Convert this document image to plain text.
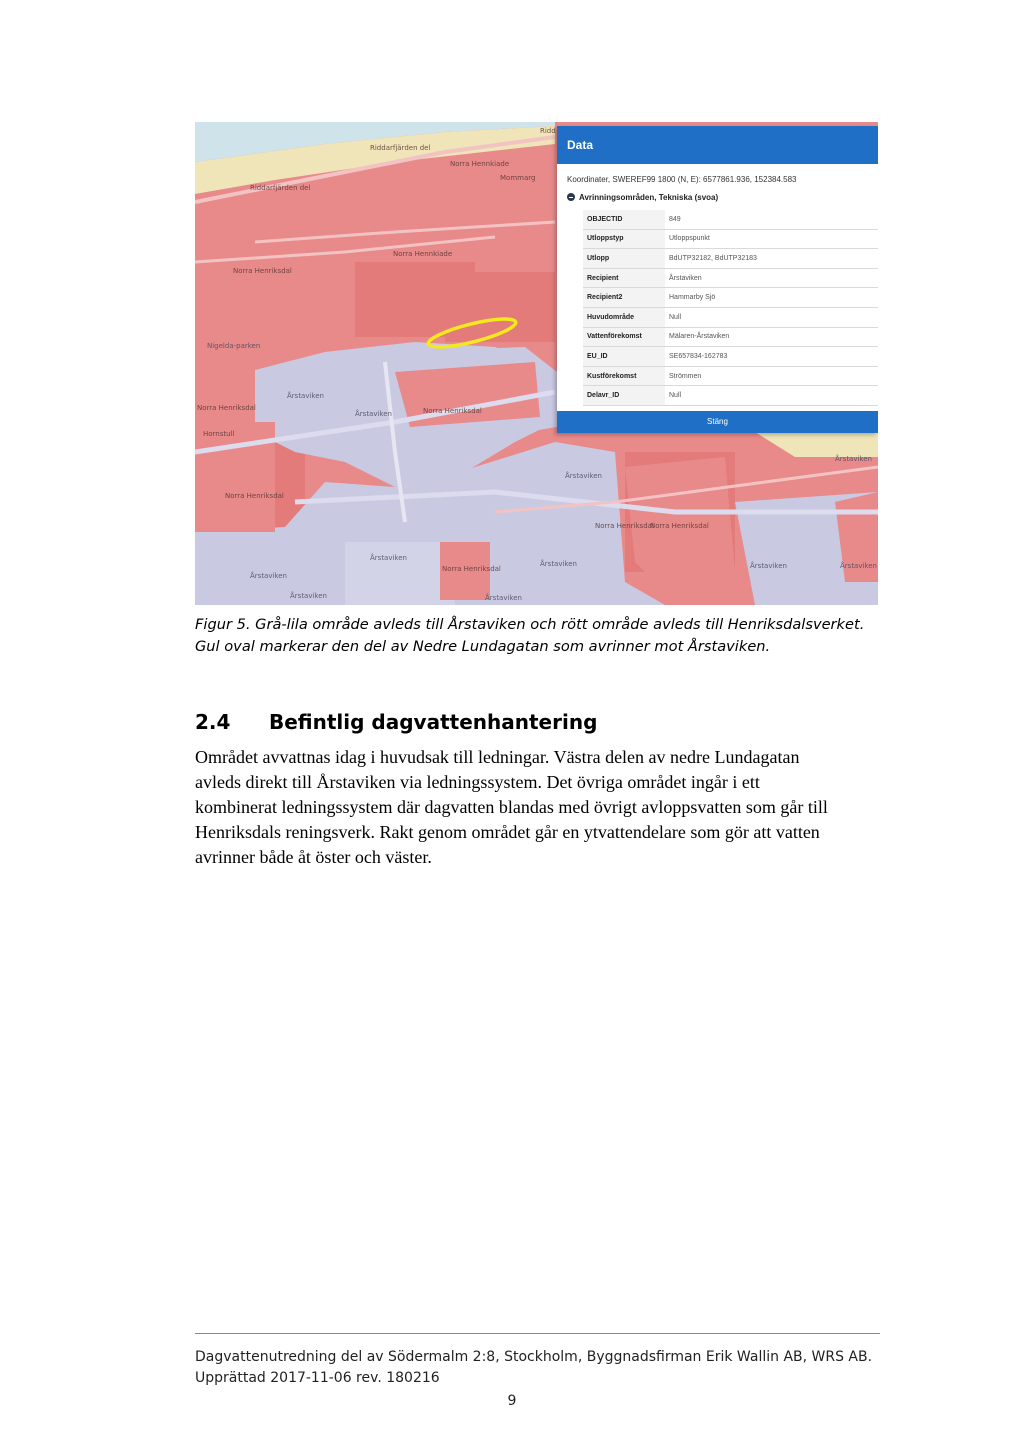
Riddarfjärden del
Ridd
Norra Hennkiade
Riddarfjärden del
Mommarg
Norra Hennkiade
Norra Henriksdal
Nigelda-parken
Årstaviken
Årstaviken
Norra Henriksdal
Hornstull
Norra Henriksdal
Norra Henriksdal
Årstaviken
Årstaviken
Årstaviken
Årstaviken
Norra Henriksdal
Norra Henriksdal
Norra Henriksdal
Årstaviken	Årstaviken
Årstaviken
Årstaviken
Årstaviken
Data
Koordinater, SWEREF99 1800 (N, E): 6577861.936, 152384.583
Avrinningsområden, Tekniska (svoa)
OBJECTID	849
Utloppstyp	Utloppspunkt
Utlopp	BdUTP32182, BdUTP32183
Recipient	Årstaviken
Recipient2	Hammarby Sjö
Huvudområde	Null
Vattenförekomst	Mälaren-Årstaviken
EU_ID	SE657834-162783
Kustförekomst	Strömmen
Delavr_ID	Null
Stäng

Figur 5. Grå-lila område avleds till Årstaviken och rött område avleds till Henriksdalsverket. Gul oval markerar den del av Nedre Lundagatan som avrinner mot Årstaviken.

2.4 Befintlig dagvattenhantering

Området avvattnas idag i huvudsak till ledningar. Västra delen av nedre Lundagatan
avleds direkt till Årstaviken via ledningssystem. Det övriga området ingår i ett
kombinerat ledningssystem där dagvatten blandas med övrigt avloppsvatten som går till
Henriksdals reningsverk. Rakt genom området går en ytvattendelare som gör att vatten
avrinner både åt öster och väster.

Dagvattenutredning del av Södermalm 2:8, Stockholm, Byggnadsfirman Erik Wallin AB, WRS AB.
Upprättad 2017-11-06 rev. 180216
9
